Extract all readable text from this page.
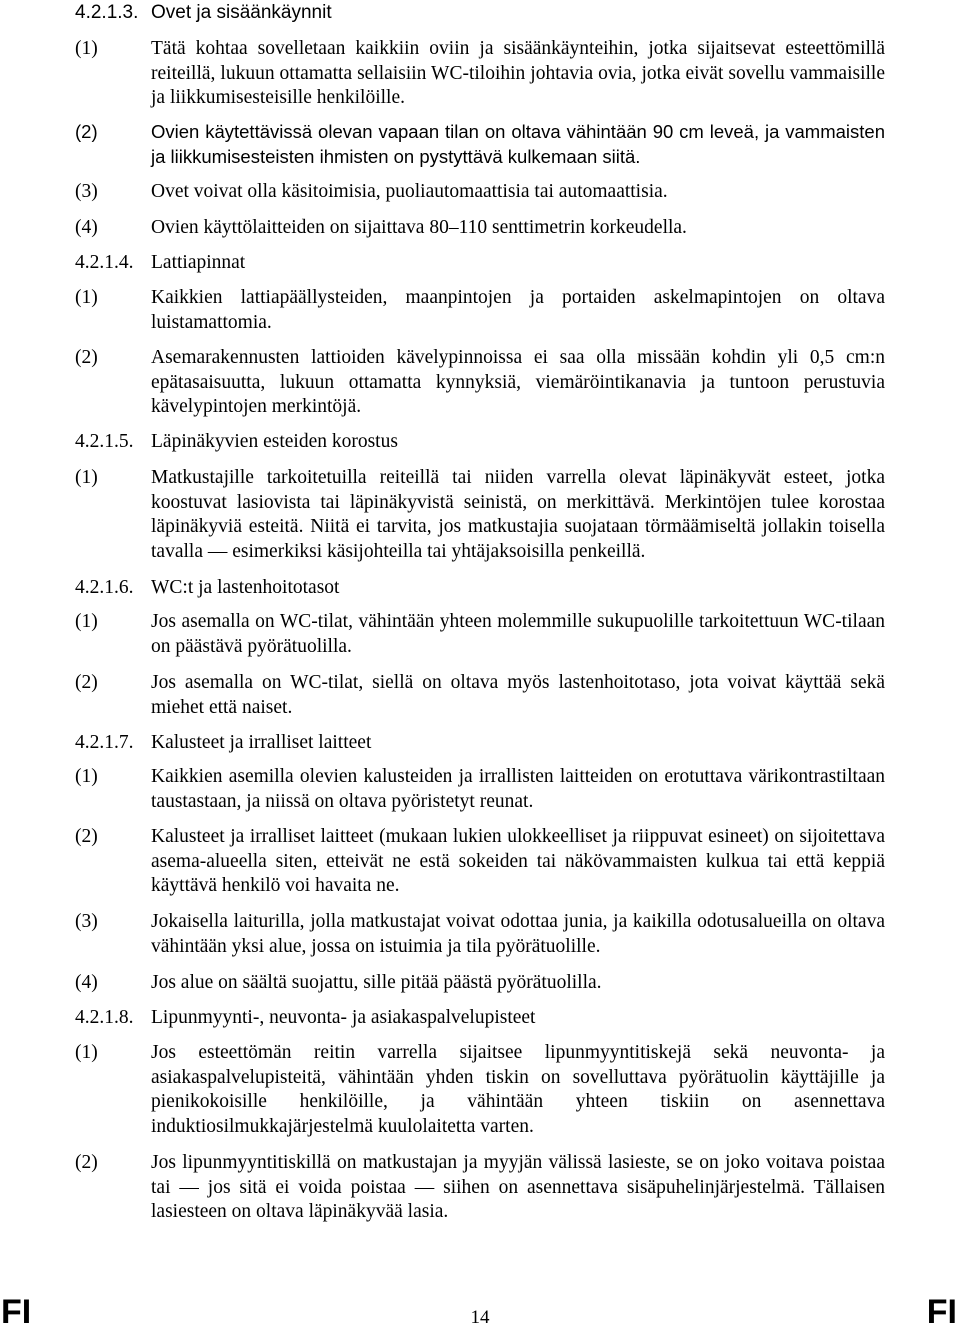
4.2.1.3. Ovet ja sisäänkäynnit
(1)	Tätä kohtaa sovelletaan kaikkiin oviin ja sisäänkäynteihin, jotka sijaitsevat esteettömillä reiteillä, lukuun ottamatta sellaisiin WC-tiloihin johtavia ovia, jotka eivät sovellu vammaisille ja liikkumisesteisille henkilöille.
(2)	Ovien käytettävissä olevan vapaan tilan on oltava vähintään 90 cm leveä, ja vammaisten ja liikkumisesteisten ihmisten on pystyttävä kulkemaan siitä.
(3)	Ovet voivat olla käsitoimisia, puoliautomaattisia tai automaattisia.
(4)	Ovien käyttölaitteiden on sijaittava 80–110 senttimetrin korkeudella.
4.2.1.4. Lattiapinnat
(1)	Kaikkien lattiapäällysteiden, maanpintojen ja portaiden askelmapintojen on oltava luistamattomia.
(2)	Asemarakennusten lattioiden kävelypinnoissa ei saa olla missään kohdin yli 0,5 cm:n epätasaisuutta, lukuun ottamatta kynnyksiä, viemäröintikanavia ja tuntoon perustuvia kävelypintojen merkintöjä.
4.2.1.5. Läpinäkyvien esteiden korostus
(1)	Matkustajille tarkoitetuilla reiteillä tai niiden varrella olevat läpinäkyvät esteet, jotka koostuvat lasiovista tai läpinäkyvistä seinistä, on merkittävä. Merkintöjen tulee korostaa läpinäkyviä esteitä. Niitä ei tarvita, jos matkustajia suojataan törmäämiseltä jollakin toisella tavalla — esimerkiksi käsijohteilla tai yhtäjaksoisilla penkeillä.
4.2.1.6. WC:t ja lastenhoitotasot
(1)	Jos asemalla on WC-tilat, vähintään yhteen molemmille sukupuolille tarkoitettuun WC-tilaan on päästävä pyörätuolilla.
(2)	Jos asemalla on WC-tilat, siellä on oltava myös lastenhoitotaso, jota voivat käyttää sekä miehet että naiset.
4.2.1.7. Kalusteet ja irralliset laitteet
(1)	Kaikkien asemilla olevien kalusteiden ja irrallisten laitteiden on erotuttava värikontrastiltaan taustastaan, ja niissä on oltava pyöristetyt reunat.
(2)	Kalusteet ja irralliset laitteet (mukaan lukien ulokkeelliset ja riippuvat esineet) on sijoitettava asema-alueella siten, etteivät ne estä sokeiden tai näkövammaisten kulkua tai että keppiä käyttävä henkilö voi havaita ne.
(3)	Jokaisella laiturilla, jolla matkustajat voivat odottaa junia, ja kaikilla odotusalueilla on oltava vähintään yksi alue, jossa on istuimia ja tila pyörätuolille.
(4)	Jos alue on säältä suojattu, sille pitää päästä pyörätuolilla.
4.2.1.8. Lipunmyynti-, neuvonta- ja asiakaspalvelupisteet
(1)	Jos esteettömän reitin varrella sijaitsee lipunmyyntitiskejä sekä neuvonta- ja asiakaspalvelupisteitä, vähintään yhden tiskin on sovelluttava pyörätuolin käyttäjille ja pienikokoisille henkilöille, ja vähintään yhteen tiskiin on asennettava induktiosilmukkajärjestelmä kuulolaitetta varten.
(2)	Jos lipunmyyntitiskillä on matkustajan ja myyjän välissä lasieste, se on joko voitava poistaa tai — jos sitä ei voida poistaa — siihen on asennettava sisäpuhelinjärjestelmä. Tällaisen lasiesteen on oltava läpinäkyvää lasia.
FI	14	FI
